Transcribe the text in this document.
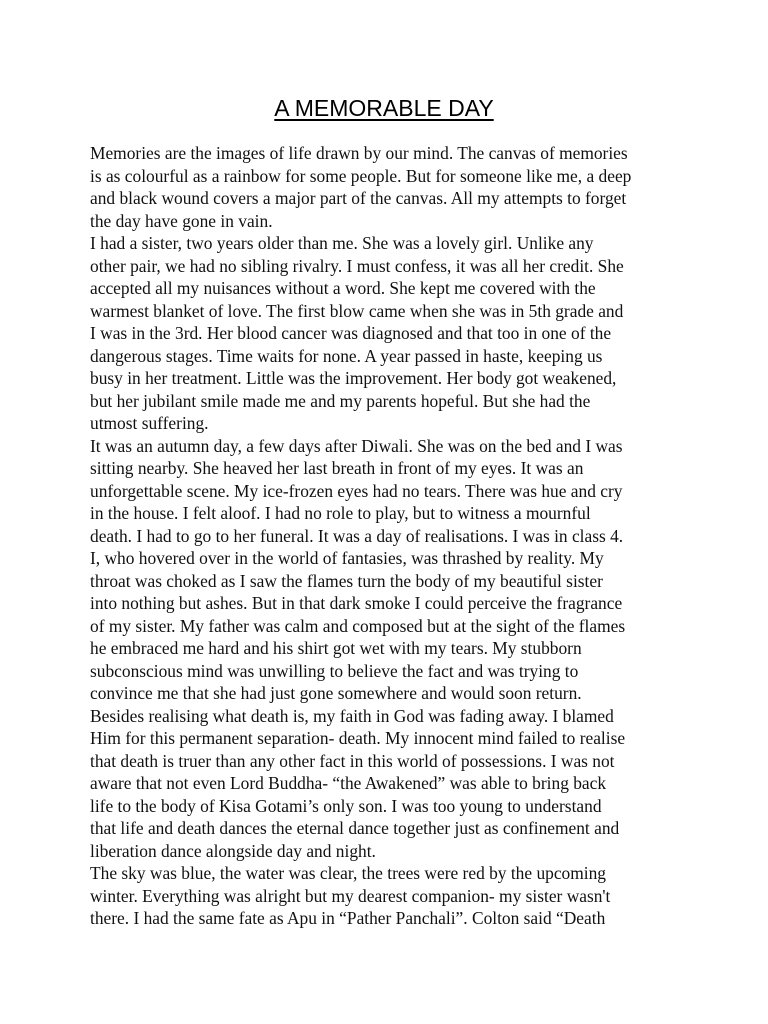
A MEMORABLE DAY
Memories are the images of life drawn by our mind. The canvas of memories
is as colourful as a rainbow for some people. But for someone like me, a deep
and black wound covers a major part of the canvas. All my attempts to forget
the day have gone in vain.
I had a sister, two years older than me. She was a lovely girl. Unlike any
other pair, we had no sibling rivalry. I must confess, it was all her credit. She
accepted all my nuisances without a word. She kept me covered with the
warmest blanket of love. The first blow came when she was in 5th grade and
I was in the 3rd. Her blood cancer was diagnosed and that too in one of the
dangerous stages. Time waits for none. A year passed in haste, keeping us
busy in her treatment. Little was the improvement. Her body got weakened,
but her jubilant smile made me and my parents hopeful. But she had the
utmost suffering.
It was an autumn day, a few days after Diwali. She was on the bed and I was
sitting nearby. She heaved her last breath in front of my eyes. It was an
unforgettable scene. My ice-frozen eyes had no tears. There was hue and cry
in the house. I felt aloof. I had no role to play, but to witness a mournful
death. I had to go to her funeral. It was a day of realisations. I was in class 4.
I, who hovered over in the world of fantasies, was thrashed by reality. My
throat was choked as I saw the flames turn the body of my beautiful sister
into nothing but ashes. But in that dark smoke I could perceive the fragrance
of my sister. My father was calm and composed but at the sight of the flames
he embraced me hard and his shirt got wet with my tears. My stubborn
subconscious mind was unwilling to believe the fact and was trying to
convince me that she had just gone somewhere and would soon return.
Besides realising what death is, my faith in God was fading away. I blamed
Him for this permanent separation- death. My innocent mind failed to realise
that death is truer than any other fact in this world of possessions. I was not
aware that not even Lord Buddha- “the Awakened” was able to bring back
life to the body of Kisa Gotami’s only son. I was too young to understand
that life and death dances the eternal dance together just as confinement and
liberation dance alongside day and night.
The sky was blue, the water was clear, the trees were red by the upcoming
winter. Everything was alright but my dearest companion- my sister wasn't
there. I had the same fate as Apu in “Pather Panchali”. Colton said “Death
